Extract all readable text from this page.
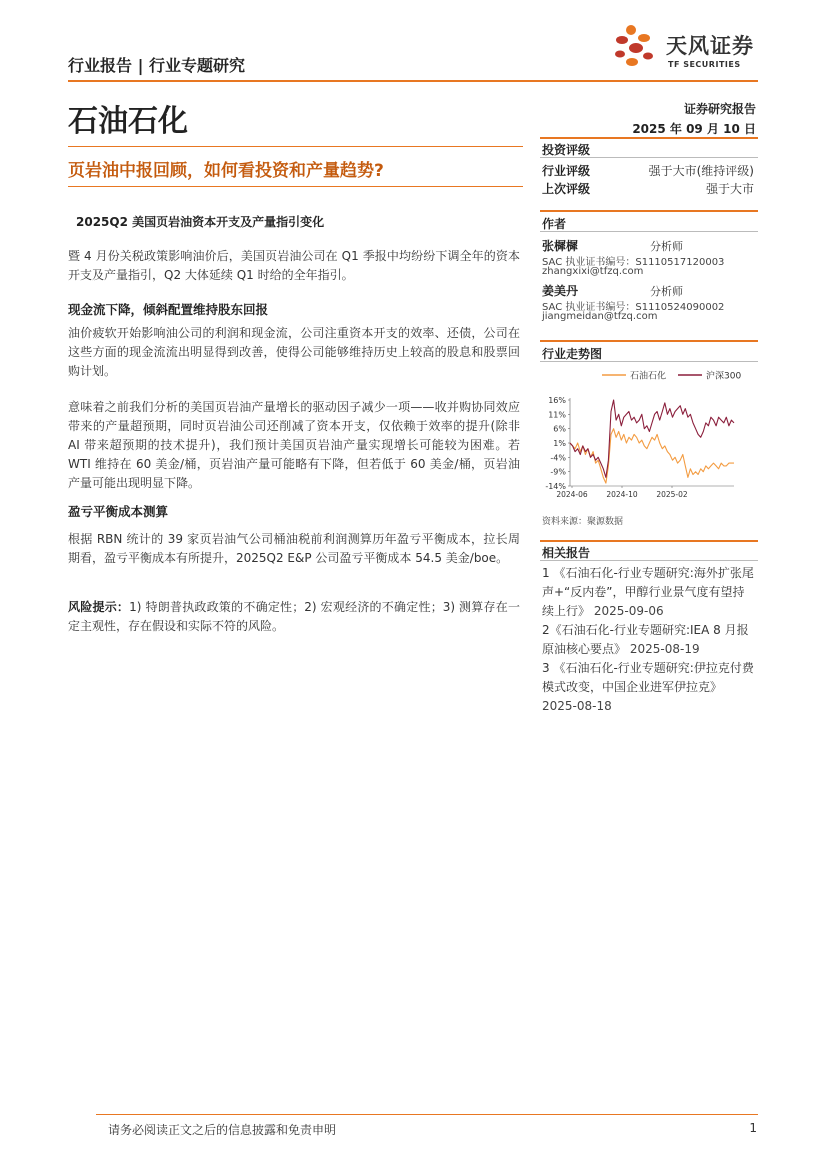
行业报告 | 行业专题研究
天风证券
TF SECURITIES
石油石化	证券研究报告
2025 年 09 月 10 日
页岩油中报回顾，如何看投资和产量趋势?
2025Q2 美国页岩油资本开支及产量指引变化

暨 4 月份关税政策影响油价后，美国页岩油公司在 Q1 季报中均纷纷下调全年的资本开支及产量指引，Q2 大体延续 Q1 时给的全年指引。

现金流下降，倾斜配置维持股东回报

油价疲软开始影响油公司的利润和现金流，公司注重资本开支的效率、还债，公司在这些方面的现金流流出明显得到改善，使得公司能够维持历史上较高的股息和股票回购计划。

意味着之前我们分析的美国页岩油产量增长的驱动因子减少一项——收并购协同效应带来的产量超预期，同时页岩油公司还削减了资本开支，仅依赖于效率的提升(除非 AI 带来超预期的技术提升)，我们预计美国页岩油产量实现增长可能较为困难。若 WTI 维持在 60 美金/桶，页岩油产量可能略有下降，但若低于 60 美金/桶，页岩油产量可能出现明显下降。

盈亏平衡成本测算

根据 RBN 统计的 39 家页岩油气公司桶油税前利润测算历年盈亏平衡成本，拉长周期看，盈亏平衡成本有所提升，2025Q2 E&P 公司盈亏平衡成本 54.5 美金/boe。

风险提示：1) 特朗普执政政策的不确定性；2) 宏观经济的不确定性；3) 测算存在一定主观性，存在假设和实际不符的风险。

投资评级
行业评级	强于大市(维持评级)
上次评级	强于大市
作者
张樨樨	分析师
SAC 执业证书编号：S1110517120003
zhangxixi@tfzq.com
姜美丹	分析师
SAC 执业证书编号：S1110524090002
jiangmeidan@tfzq.com
行业走势图
石油石化	沪深300
16%
11%
6%
1%
-4%
-9%
-14%
2024-06 2024-10 2025-02
资料来源：聚源数据
相关报告

1 《石油石化-行业专题研究:海外扩张尾声+“反内卷”，甲醇行业景气度有望持续上行》 2025-09-06

2《石油石化-行业专题研究:IEA 8 月报原油核心要点》 2025-08-19

3 《石油石化-行业专题研究:伊拉克付费模式改变，中国企业进军伊拉克》
2025-08-18

请务必阅读正文之后的信息披露和免责申明	1
